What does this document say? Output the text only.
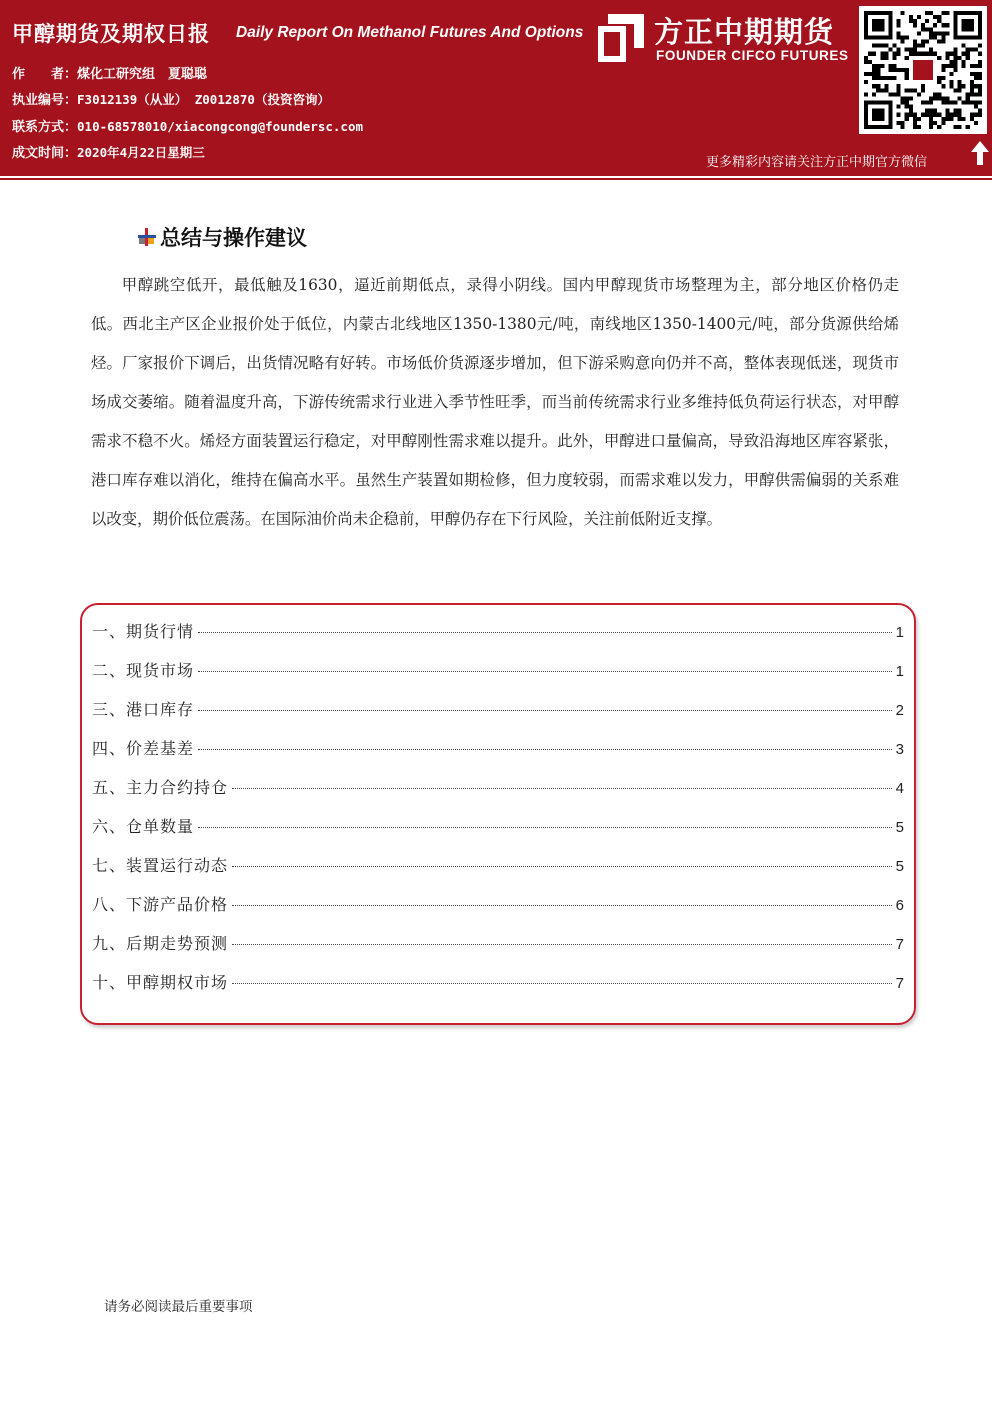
甲醇期货及期权日报 Daily Report On Methanol Futures And Options
作　　者：煤化工研究组　夏聪聪
执业编号：F3012139（从业） Z0012870（投资咨询）
联系方式：010-68578010/xiacongcong@foundersc.com
成文时间：2020年4月22日星期三
方正中期期货
FOUNDER CIFCO FUTURES
更多精彩内容请关注方正中期官方微信
总结与操作建议

甲醇跳空低开，最低触及1630，逼近前期低点，录得小阴线。国内甲醇现货市场整理为主，部分地区价格仍走低。西北主产区企业报价处于低位，内蒙古北线地区1350-1380元/吨，南线地区1350-1400元/吨，部分货源供给烯烃。厂家报价下调后，出货情况略有好转。市场低价货源逐步增加，但下游采购意向仍并不高，整体表现低迷，现货市场成交萎缩。随着温度升高，下游传统需求行业进入季节性旺季，而当前传统需求行业多维持低负荷运行状态，对甲醇需求不稳不火。烯烃方面装置运行稳定，对甲醇刚性需求难以提升。此外，甲醇进口量偏高，导致沿海地区库容紧张，港口库存难以消化，维持在偏高水平。虽然生产装置如期检修，但力度较弱，而需求难以发力，甲醇供需偏弱的关系难以改变，期价低位震荡。在国际油价尚未企稳前，甲醇仍存在下行风险，关注前低附近支撑。

一、期货行情	1
二、现货市场	1
三、港口库存	2
四、价差基差	3
五、主力合约持仓	4
六、仓单数量	5
七、装置运行动态	5
八、下游产品价格	6
九、后期走势预测	7
十、甲醇期权市场	7
请务必阅读最后重要事项
